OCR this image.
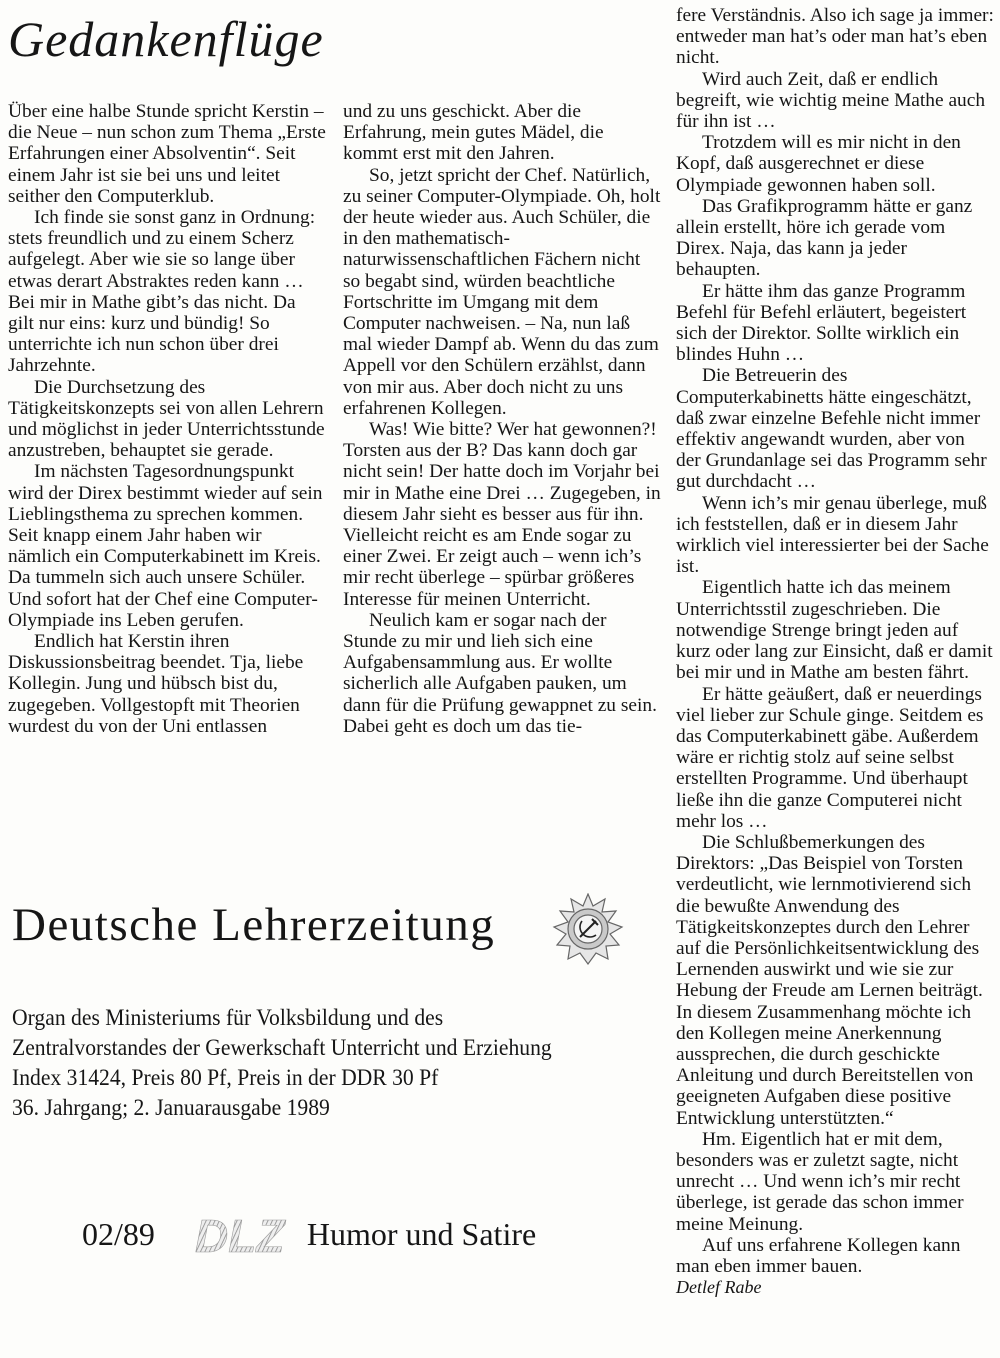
Gedankenflüge

Über eine halbe Stunde spricht Kerstin – die Neue – nun schon zum Thema „Erste Erfahrungen einer Absolventin“. Seit einem Jahr ist sie bei uns und leitet seither den Computerklub.

Ich finde sie sonst ganz in Ordnung: stets freundlich und zu einem Scherz aufgelegt. Aber wie sie so lange über etwas derart Abstraktes reden kann … Bei mir in Mathe gibt’s das nicht. Da gilt nur eins: kurz und bündig! So unterrichte ich nun schon über drei Jahrzehnte.

Die Durchsetzung des Tätigkeitskonzepts sei von allen Lehrern und möglichst in jeder Unterrichtsstunde anzustreben, behauptet sie gerade.

Im nächsten Tagesordnungspunkt wird der Direx bestimmt wieder auf sein Lieblingsthema zu sprechen kommen. Seit knapp einem Jahr haben wir nämlich ein Computerkabinett im Kreis. Da tummeln sich auch unsere Schüler. Und sofort hat der Chef eine Computer-Olympiade ins Leben gerufen.

Endlich hat Kerstin ihren Diskussionsbeitrag beendet. Tja, liebe Kollegin. Jung und hübsch bist du, zugegeben. Vollgestopft mit Theorien wurdest du von der Uni entlassen

und zu uns geschickt. Aber die Erfahrung, mein gutes Mädel, die kommt erst mit den Jahren.

So, jetzt spricht der Chef. Natürlich, zu seiner Computer-Olympiade. Oh, holt der heute wieder aus. Auch Schüler, die in den mathematisch-naturwissenschaftlichen Fächern nicht so begabt sind, würden beachtliche Fortschritte im Umgang mit dem Computer nachweisen. – Na, nun laß mal wieder Dampf ab. Wenn du das zum Appell vor den Schülern erzählst, dann von mir aus. Aber doch nicht zu uns erfahrenen Kollegen.

Was! Wie bitte? Wer hat gewonnen?! Torsten aus der B? Das kann doch gar nicht sein! Der hatte doch im Vorjahr bei mir in Mathe eine Drei … Zugegeben, in diesem Jahr sieht es besser aus für ihn. Vielleicht reicht es am Ende sogar zu einer Zwei. Er zeigt auch – wenn ich’s mir recht überlege – spürbar größeres Interesse für meinen Unterricht.

Neulich kam er sogar nach der Stunde zu mir und lieh sich eine Aufgabensammlung aus. Er wollte sicherlich alle Aufgaben pauken, um dann für die Prüfung gewappnet zu sein. Dabei geht es doch um das tie-

fere Verständnis. Also ich sage ja immer: entweder man hat’s oder man hat’s eben nicht.

Wird auch Zeit, daß er endlich begreift, wie wichtig meine Mathe auch für ihn ist …

Trotzdem will es mir nicht in den Kopf, daß ausgerechnet er diese Olympiade gewonnen haben soll.

Das Grafikprogramm hätte er ganz allein erstellt, höre ich gerade vom Direx. Naja, das kann ja jeder behaupten.

Er hätte ihm das ganze Programm Befehl für Befehl erläutert, begeistert sich der Direktor. Sollte wirklich ein blindes Huhn …

Die Betreuerin des Computerkabinetts hätte eingeschätzt, daß zwar einzelne Befehle nicht immer effektiv angewandt wurden, aber von der Grundanlage sei das Programm sehr gut durchdacht …

Wenn ich’s mir genau überlege, muß ich feststellen, daß er in diesem Jahr wirklich viel interessierter bei der Sache ist.

Eigentlich hatte ich das meinem Unterrichtsstil zugeschrieben. Die notwendige Strenge bringt jeden auf kurz oder lang zur Einsicht, daß er damit bei mir und in Mathe am besten fährt.

Er hätte geäußert, daß er neuerdings viel lieber zur Schule ginge. Seitdem es das Computerkabinett gäbe. Außerdem wäre er richtig stolz auf seine selbst erstellten Programme. Und überhaupt ließe ihn die ganze Computerei nicht mehr los …

Die Schlußbemerkungen des Direktors: „Das Beispiel von Torsten verdeutlicht, wie lernmotivierend sich die bewußte Anwendung des Tätigkeitskonzeptes durch den Lehrer auf die Persönlichkeitsentwicklung des Lernenden auswirkt und wie sie zur Hebung der Freude am Lernen beiträgt. In diesem Zusammenhang möchte ich den Kollegen meine Anerkennung aussprechen, die durch geschickte Anleitung und durch Bereitstellen von geeigneten Aufgaben diese positive Entwicklung unterstützten.“

Hm. Eigentlich hat er mit dem, besonders was er zuletzt sagte, nicht unrecht … Und wenn ich’s mir recht überlege, ist gerade das schon immer meine Meinung.

Auf uns erfahrene Kollegen kann man eben immer bauen.

Detlef Rabe

Deutsche Lehrerzeitung
Organ des Ministeriums für Volksbildung und des
Zentralvorstandes der Gewerkschaft Unterricht und Erziehung
Index 31424, Preis 80 Pf, Preis in der DDR 30 Pf
36. Jahrgang; 2. Januarausgabe 1989
02/89 DLZ Humor und Satire
